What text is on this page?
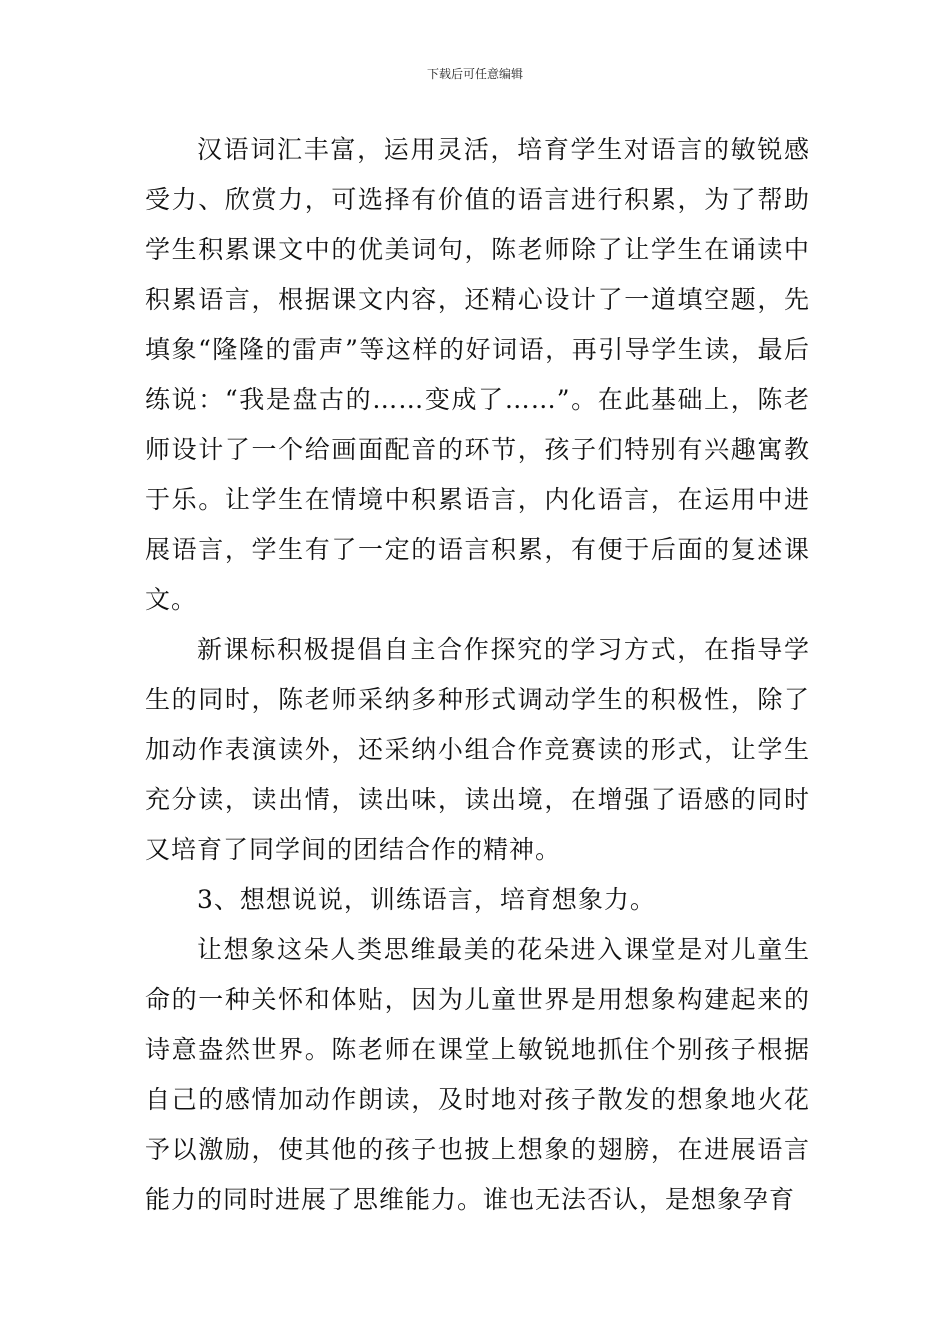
下载后可任意编辑

汉语词汇丰富，运用灵活，培育学生对语言的敏锐感受力、欣赏力，可选择有价值的语言进行积累，为了帮助学生积累课文中的优美词句，陈老师除了让学生在诵读中积累语言，根据课文内容，还精心设计了一道填空题，先填象“隆隆的雷声”等这样的好词语，再引导学生读，最后练说：“我是盘古的……变成了……”。在此基础上，陈老师设计了一个给画面配音的环节，孩子们特别有兴趣寓教于乐。让学生在情境中积累语言，内化语言，在运用中进展语言，学生有了一定的语言积累，有便于后面的复述课文。

新课标积极提倡自主合作探究的学习方式，在指导学生的同时，陈老师采纳多种形式调动学生的积极性，除了加动作表演读外，还采纳小组合作竞赛读的形式，让学生充分读，读出情，读出味，读出境，在增强了语感的同时又培育了同学间的团结合作的精神。

3、想想说说，训练语言，培育想象力。

让想象这朵人类思维最美的花朵进入课堂是对儿童生命的一种关怀和体贴，因为儿童世界是用想象构建起来的诗意盎然世界。陈老师在课堂上敏锐地抓住个别孩子根据自己的感情加动作朗读，及时地对孩子散发的想象地火花予以激励，使其他的孩子也披上想象的翅膀，在进展语言能力的同时进展了思维能力。谁也无法否认，是想象孕育
